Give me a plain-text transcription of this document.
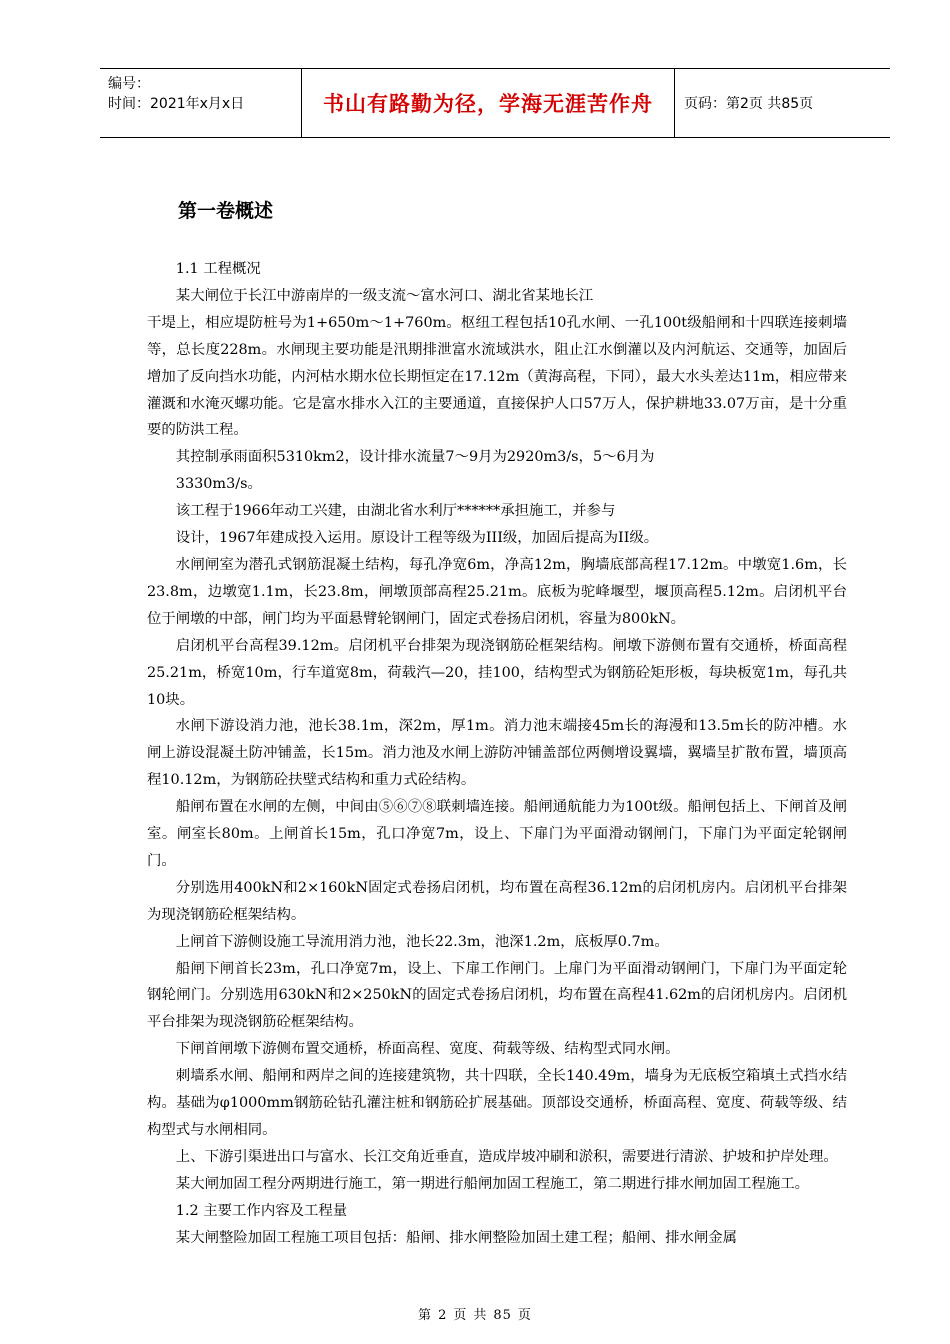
编号：
时间：2021年x月x日	书山有路勤为径，学海无涯苦作舟 页码：第2页 共85页
第一卷概述

1.1 工程概况

某大闸位于长江中游南岸的一级支流～富水河口、湖北省某地长江

干堤上，相应堤防桩号为1+650m～1+760m。枢纽工程包括10孔水闸、一孔100t级船闸和十四联连接刺墙等，总长度228m。水闸现主要功能是汛期排泄富水流域洪水，阻止江水倒灌以及内河航运、交通等，加固后增加了反向挡水功能，内河枯水期水位长期恒定在17.12m（黄海高程，下同），最大水头差达11m，相应带来灌溉和水淹灭螺功能。它是富水排水入江的主要通道，直接保护人口57万人，保护耕地33.07万亩，是十分重要的防洪工程。

其控制承雨面积5310km2，设计排水流量7～9月为2920m3/s，5～6月为

3330m3/s。

该工程于1966年动工兴建，由湖北省水利厅******承担施工，并参与

设计，1967年建成投入运用。原设计工程等级为III级，加固后提高为II级。

水闸闸室为潜孔式钢筋混凝土结构，每孔净宽6m，净高12m，胸墙底部高程17.12m。中墩宽1.6m，长23.8m，边墩宽1.1m，长23.8m，闸墩顶部高程25.21m。底板为驼峰堰型，堰顶高程5.12m。启闭机平台位于闸墩的中部，闸门均为平面悬臂轮钢闸门，固定式卷扬启闭机，容量为800kN。

启闭机平台高程39.12m。启闭机平台排架为现浇钢筋砼框架结构。闸墩下游侧布置有交通桥，桥面高程25.21m，桥宽10m，行车道宽8m，荷载汽—20，挂100，结构型式为钢筋砼矩形板，每块板宽1m，每孔共10块。

水闸下游设消力池，池长38.1m，深2m，厚1m。消力池末端接45m长的海漫和13.5m长的防冲槽。水闸上游设混凝土防冲铺盖，长15m。消力池及水闸上游防冲铺盖部位两侧增设翼墙，翼墙呈扩散布置，墙顶高程10.12m，为钢筋砼扶壁式结构和重力式砼结构。

船闸布置在水闸的左侧，中间由⑤⑥⑦⑧联刺墙连接。船闸通航能力为100t级。船闸包括上、下闸首及闸室。闸室长80m。上闸首长15m，孔口净宽7m，设上、下扉门为平面滑动钢闸门，下扉门为平面定轮钢闸门。

分别选用400kN和2×160kN固定式卷扬启闭机，均布置在高程36.12m的启闭机房内。启闭机平台排架为现浇钢筋砼框架结构。

上闸首下游侧设施工导流用消力池，池长22.3m，池深1.2m，底板厚0.7m。

船闸下闸首长23m，孔口净宽7m，设上、下扉工作闸门。上扉门为平面滑动钢闸门，下扉门为平面定轮钢轮闸门。分别选用630kN和2×250kN的固定式卷扬启闭机，均布置在高程41.62m的启闭机房内。启闭机平台排架为现浇钢筋砼框架结构。

下闸首闸墩下游侧布置交通桥，桥面高程、宽度、荷载等级、结构型式同水闸。

刺墙系水闸、船闸和两岸之间的连接建筑物，共十四联，全长140.49m，墙身为无底板空箱填土式挡水结构。基础为φ1000mm钢筋砼钻孔灌注桩和钢筋砼扩展基础。顶部设交通桥，桥面高程、宽度、荷载等级、结构型式与水闸相同。

上、下游引渠进出口与富水、长江交角近垂直，造成岸坡冲刷和淤积，需要进行清淤、护坡和护岸处理。

某大闸加固工程分两期进行施工，第一期进行船闸加固工程施工，第二期进行排水闸加固工程施工。

1.2 主要工作内容及工程量

某大闸整险加固工程施工项目包括：船闸、排水闸整险加固土建工程；船闸、排水闸金属

第 2 页 共 85 页
